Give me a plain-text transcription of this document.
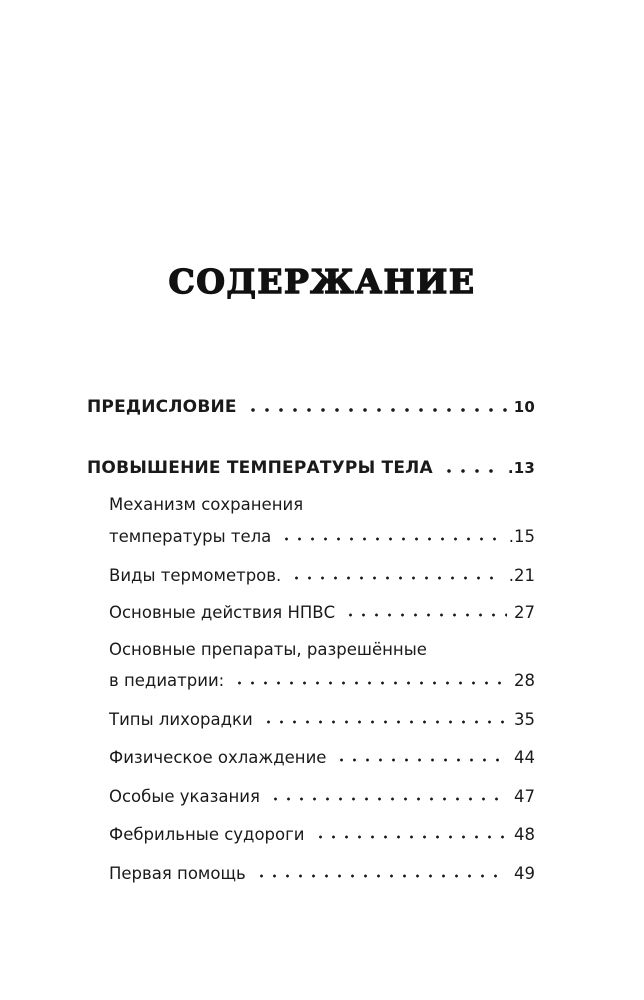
СОДЕРЖАНИЕ
ПРЕДИСЛОВИЕ	10
ПОВЫШЕНИЕ ТЕМПЕРАТУРЫ ТЕЛА	.13
Механизм сохранения
температуры тела	.15
Виды термометров.	.21
Основные действия НПВС	27
Основные препараты, разрешённые
в педиатрии:	28
Типы лихорадки	35
Физическое охлаждение	44
Особые указания	47
Фебрильные судороги	48
Первая помощь	49
